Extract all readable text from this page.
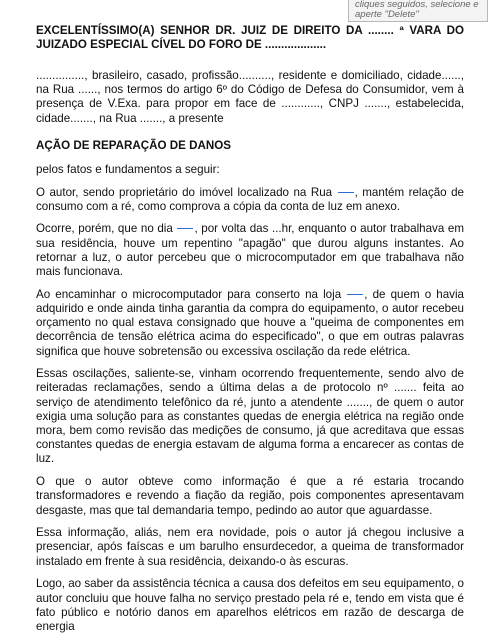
cliques seguidos, selecione e
aperte "Delete"

EXCELENTÍSSIMO(A) SENHOR DR. JUIZ DE DIREITO DA ........ ª VARA DO JUIZADO ESPECIAL CÍVEL DO FORO DE ...................

..............., brasileiro, casado, profissão.........., residente e domiciliado, cidade......, na Rua ......, nos termos do artigo 6º do Código de Defesa do Consumidor, vem à presença de V.Exa. para propor em face de ............, CNPJ ......., estabelecida, cidade......., na Rua ......., a presente

AÇÃO DE REPARAÇÃO DE DANOS

pelos fatos e fundamentos a seguir:

O autor, sendo proprietário do imóvel localizado na Rua , mantém relação de consumo com a ré, como comprova a cópia da conta de luz em anexo.

Ocorre, porém, que no dia , por volta das ...hr, enquanto o autor trabalhava em sua residência, houve um repentino "apagão" que durou alguns instantes. Ao retornar a luz, o autor percebeu que o microcomputador em que trabalhava não mais funcionava.

Ao encaminhar o microcomputador para conserto na loja , de quem o havia adquirido e onde ainda tinha garantia da compra do equipamento, o autor recebeu orçamento no qual estava consignado que houve a "queima de componentes em decorrência de tensão elétrica acima do especificado", o que em outras palavras significa que houve sobretensão ou excessiva oscilação da rede elétrica.

Essas oscilações, saliente-se, vinham ocorrendo frequentemente, sendo alvo de reiteradas reclamações, sendo a última delas a de protocolo nº ....... feita ao serviço de atendimento telefônico da ré, junto a atendente ......., de quem o autor exigia uma solução para as constantes quedas de energia elétrica na região onde mora, bem como revisão das medições de consumo, já que acreditava que essas constantes quedas de energia estavam de alguma forma a encarecer as contas de luz.

O que o autor obteve como informação é que a ré estaria trocando transformadores e revendo a fiação da região, pois componentes apresentavam desgaste, mas que tal demandaria tempo, pedindo ao autor que aguardasse.

Essa informação, aliás, nem era novidade, pois o autor já chegou inclusive a presenciar, após faíscas e um barulho ensurdecedor, a queima de transformador instalado em frente à sua residência, deixando-o às escuras.

Logo, ao saber da assistência técnica a causa dos defeitos em seu equipamento, o autor concluiu que houve falha no serviço prestado pela ré e, tendo em vista que é fato público e notório danos em aparelhos elétricos em razão de descarga de energia
